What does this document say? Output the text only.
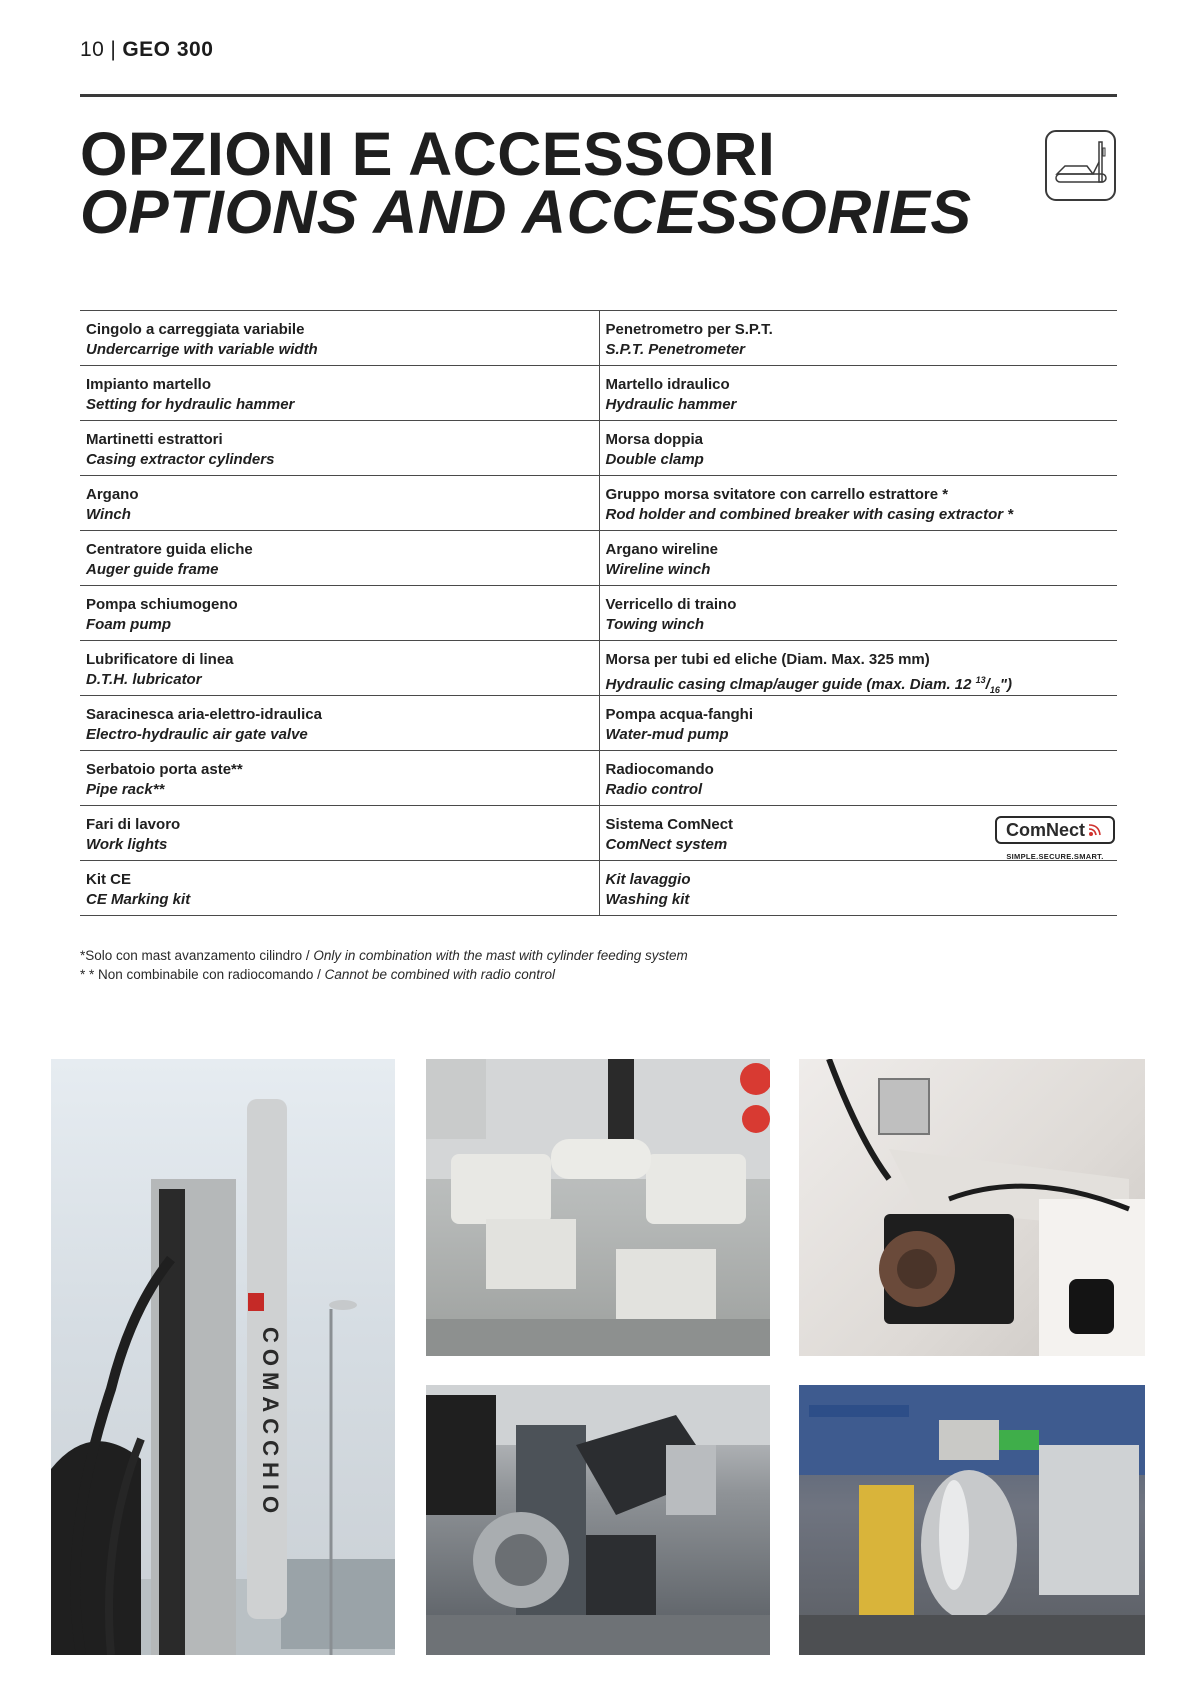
10 | GEO 300
OPZIONI E ACCESSORI
OPTIONS AND ACCESSORIES
Cingolo a carreggiata variabile
Undercarrige with variable width
Penetrometro per S.P.T.
S.P.T. Penetrometer
Impianto martello
Setting for hydraulic hammer
Martello idraulico
Hydraulic hammer
Martinetti estrattori
Casing extractor cylinders
Morsa doppia
Double clamp
Argano
Winch
Gruppo morsa svitatore con carrello estrattore *
Rod holder and combined breaker with casing extractor *
Centratore guida eliche
Auger guide frame
Argano wireline
Wireline winch
Pompa schiumogeno
Foam pump
Verricello di traino
Towing winch
Lubrificatore di linea
D.T.H. lubricator
Morsa per tubi ed eliche (Diam. Max. 325 mm)
Hydraulic casing clmap/auger guide (max. Diam. 12 $^{13}/_{16}$")
Saracinesca aria-elettro-idraulica
Electro-hydraulic air gate valve
Pompa acqua-fanghi
Water-mud pump
Serbatoio porta aste**
Pipe rack**
Radiocomando
Radio control
Fari di lavoro
Work lights
Sistema ComNect
ComNect system
ComNect
SIMPLE.SECURE.SMART.
Kit CE
CE Marking kit
Kit lavaggio
Washing kit
*Solo con mast avanzamento cilindro / Only in combination with the mast with cylinder feeding system
* * Non combinabile con radiocomando / Cannot be combined with radio control
COMACCHIO
